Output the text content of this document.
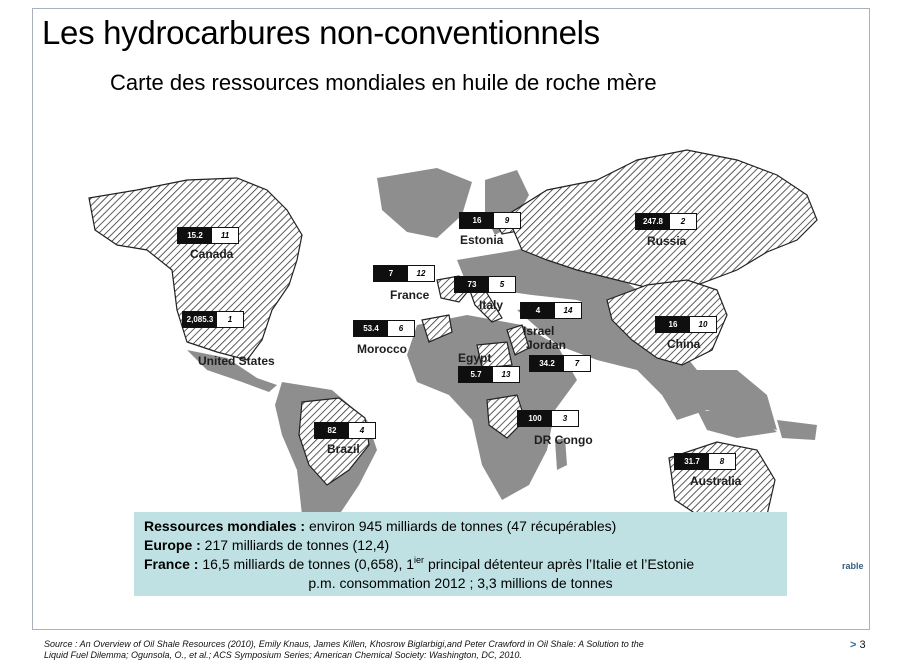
Les hydrocarbures non-conventionnels
Carte des ressources mondiales en huile de roche mère
15.2	11
Canada
2,085.3	1
United States
82	4
Brazil
53.4	6
Morocco
7	12
France
73	5
Italy
16	9
Estonia
247.8	2
Russia
4	14
Israel
Jordan
5.7	13
Egypt	34.2	7
16	10
China
100	3
DR Congo
31.7	8
Australia
Ressources mondiales : environ 945 milliards de tonnes (47 récupérables)
Europe : 217 milliards de tonnes (12,4)
France : 16,5 milliards de tonnes (0,658), $1^{ier}$ principal détenteur après l’Italie et l’Estonie
p.m. consommation 2012 ; 3,3 millions de tonnes
rable
Source : An Overview of Oil Shale Resources (2010), Emily Knaus, James Killen, Khosrow Biglarbigi,and Peter Crawford in Oil Shale: A Solution to the
Liquid Fuel Dilemma; Ogunsola, O., et al.; ACS Symposium Series; American Chemical Society: Washington, DC, 2010.
> 3
